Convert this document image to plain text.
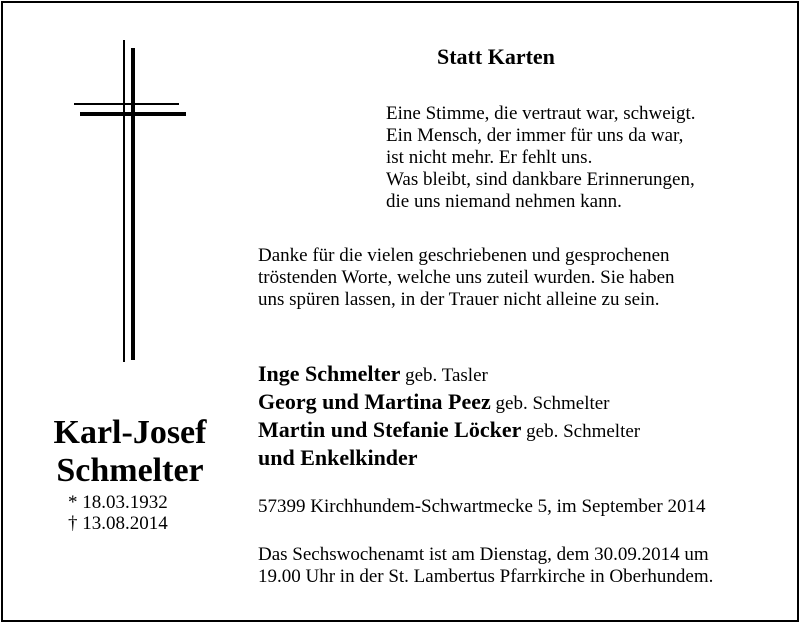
Statt Karten
Eine Stimme, die vertraut war, schweigt.
Ein Mensch, der immer für uns da war,
ist nicht mehr. Er fehlt uns.
Was bleibt, sind dankbare Erinnerungen,
die uns niemand nehmen kann.
Danke für die vielen geschriebenen und gesprochenen
tröstenden Worte, welche uns zuteil wurden. Sie haben
uns spüren lassen, in der Trauer nicht alleine zu sein.

Karl-Josef

Schmelter

* 18.03.1932
† 13.08.2014
Inge Schmelter geb. Tasler
Georg und Martina Peez geb. Schmelter
Martin und Stefanie Löcker geb. Schmelter
und Enkelkinder
57399 Kirchhundem-Schwartmecke 5, im September 2014
Das Sechswochenamt ist am Dienstag, dem 30.09.2014 um
19.00 Uhr in der St. Lambertus Pfarrkirche in Oberhundem.
